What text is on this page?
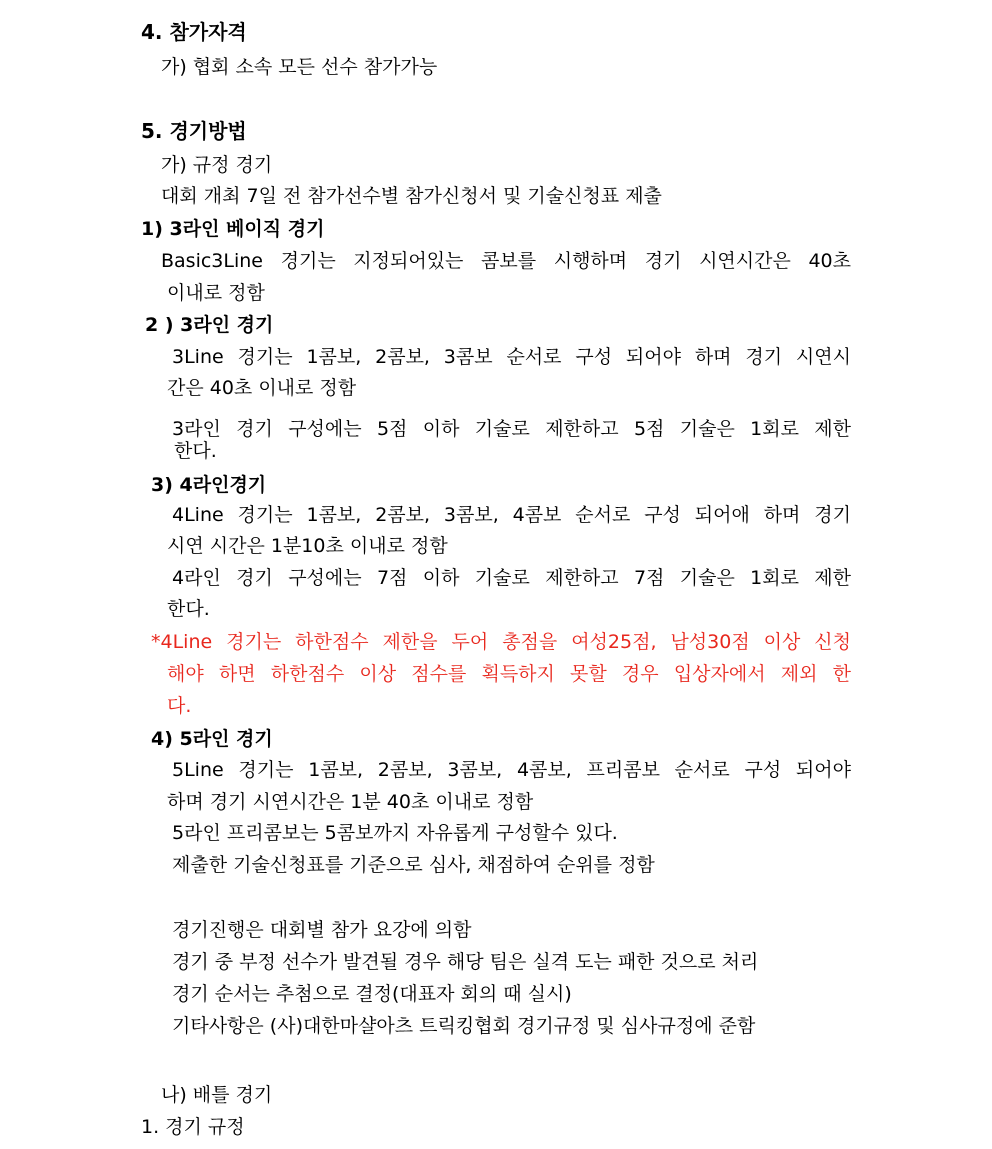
4. 참가자격
가) 협회 소속 모든 선수 참가가능
5. 경기방법
가) 규정 경기
대회 개최 7일 전 참가선수별 참가신청서 및 기술신청표 제출
1) 3라인 베이직 경기
Basic3Line 경기는 지정되어있는 콤보를 시행하며 경기 시연시간은 40초
이내로 정함
2 ) 3라인 경기
3Line 경기는 1콤보, 2콤보, 3콤보 순서로 구성 되어야 하며 경기 시연시
간은 40초 이내로 정함
3라인 경기 구성에는 5점 이하 기술로 제한하고 5점 기술은 1회로 제한
한다.
3) 4라인경기
4Line 경기는 1콤보, 2콤보, 3콤보, 4콤보 순서로 구성 되어애 하며 경기
시연 시간은 1분10초 이내로 정함
4라인 경기 구성에는 7점 이하 기술로 제한하고 7점 기술은 1회로 제한
한다.
*4Line 경기는 하한점수 제한을 두어 총점을 여성25점, 남성30점 이상 신청
해야 하면 하한점수 이상 점수를 획득하지 못할 경우 입상자에서 제외 한
다.
4) 5라인 경기
5Line 경기는 1콤보, 2콤보, 3콤보, 4콤보, 프리콤보 순서로 구성 되어야
하며 경기 시연시간은 1분 40초 이내로 정함
5라인 프리콤보는 5콤보까지 자유롭게 구성할수 있다.
제출한 기술신청표를 기준으로 심사, 채점하여 순위를 정함
경기진행은 대회별 참가 요강에 의함
경기 중 부정 선수가 발견될 경우 해당 팀은 실격 도는 패한 것으로 처리
경기 순서는 추첨으로 결정(대표자 회의 때 실시)
기타사항은 (사)대한마샬아츠 트릭킹협회 경기규정 및 심사규정에 준함
나) 배틀 경기
1. 경기 규정
